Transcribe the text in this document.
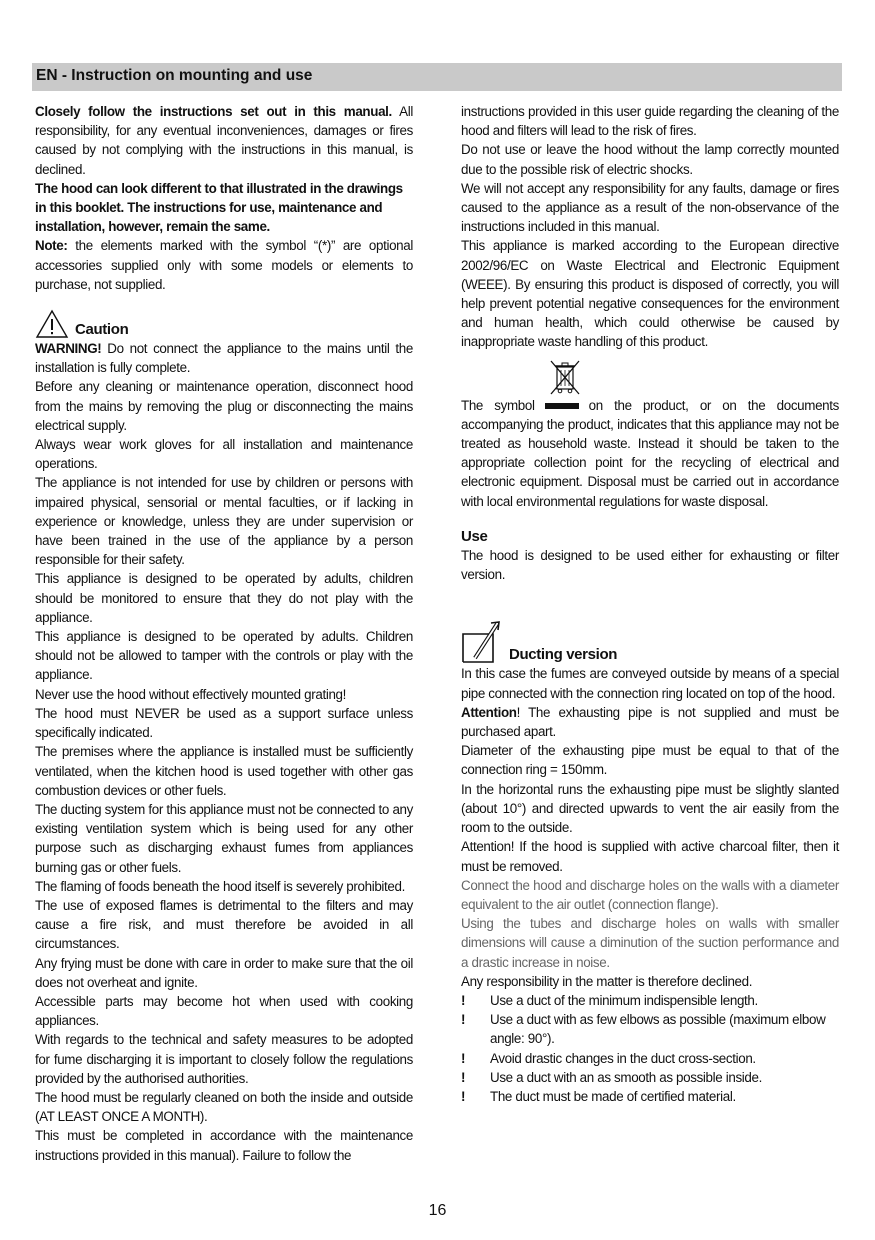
EN - Instruction on mounting and use

Closely follow the instructions set out in this manual. All responsibility, for any eventual inconveniences, damages or fires caused by not complying with the instructions in this manual, is declined.

The hood can look different to that illustrated in the drawings in this booklet. The instructions for use, maintenance and installation, however, remain the same.

Note: the elements marked with the symbol “(*)” are optional accessories supplied only with some models or elements to purchase, not supplied.

Caution

WARNING! Do not connect the appliance to the mains until the installation is fully complete.

Before any cleaning or maintenance operation, disconnect hood from the mains by removing the plug or disconnecting the mains electrical supply.

Always wear work gloves for all installation and maintenance operations.

The appliance is not intended for use by children or persons with impaired physical, sensorial or mental faculties, or if lacking in experience or knowledge, unless they are under supervision or have been trained in the use of the appliance by a person responsible for their safety.

This appliance is designed to be operated by adults, children should be monitored to ensure that they do not play with the appliance.

This appliance is designed to be operated by adults. Children should not be allowed to tamper with the controls or play with the appliance.

Never use the hood without effectively mounted grating!

The hood must NEVER be used as a support surface unless specifically indicated.

The premises where the appliance is installed must be sufficiently ventilated, when the kitchen hood is used together with other gas combustion devices or other fuels.

The ducting system for this appliance must not be connected to any existing ventilation system which is being used for any other purpose such as discharging exhaust fumes from appliances burning gas or other fuels.

The flaming of foods beneath the hood itself is severely prohibited.

The use of exposed flames is detrimental to the filters and may cause a fire risk, and must therefore be avoided in all circumstances.

Any frying must be done with care in order to make sure that the oil does not overheat and ignite.

Accessible parts may become hot when used with cooking appliances.

With regards to the technical and safety measures to be adopted for fume discharging it is important to closely follow the regulations provided by the authorised authorities.

The hood must be regularly cleaned on both the inside and outside (AT LEAST ONCE A MONTH).

This must be completed in accordance with the maintenance instructions provided in this manual). Failure to follow the

instructions provided in this user guide regarding the cleaning of the hood and filters will lead to the risk of fires.

Do not use or leave the hood without the lamp correctly mounted due to the possible risk of electric shocks.

We will not accept any responsibility for any faults, damage or fires caused to the appliance as a result of the non-observance of the instructions included in this manual.

This appliance is marked according to the European directive 2002/96/EC on Waste Electrical and Electronic Equipment (WEEE). By ensuring this product is disposed of correctly, you will help prevent potential negative consequences for the environment and human health, which could otherwise be caused by inappropriate waste handling of this product.

The symbol	on the product, or on the documents accompanying the product, indicates that this appliance may not be treated as household waste. Instead it should be taken to the appropriate collection point for the recycling of electrical and electronic equipment. Disposal must be carried out in accordance with local environmental regulations for waste disposal.

Use

The hood is designed to be used either for exhausting or filter version.

Ducting version

In this case the fumes are conveyed outside by means of a special pipe connected with the connection ring located on top of the hood.

Attention! The exhausting pipe is not supplied and must be purchased apart.

Diameter of the exhausting pipe must be equal to that of the connection ring = 150mm.

In the horizontal runs the exhausting pipe must be slightly slanted (about 10°) and directed upwards to vent the air easily from the room to the outside.

Attention! If the hood is supplied with active charcoal filter, then it must be removed.

Connect the hood and discharge holes on the walls with a diameter equivalent to the air outlet (connection flange).

Using the tubes and discharge holes on walls with smaller dimensions will cause a diminution of the suction performance and a drastic increase in noise.

Any responsibility in the matter is therefore declined.

! Use a duct of the minimum indispensible length.
! Use a duct with as few elbows as possible (maximum elbow angle: 90°).
! Avoid drastic changes in the duct cross-section.
! Use a duct with an as smooth as possible inside.
! The duct must be made of certified material.
16
